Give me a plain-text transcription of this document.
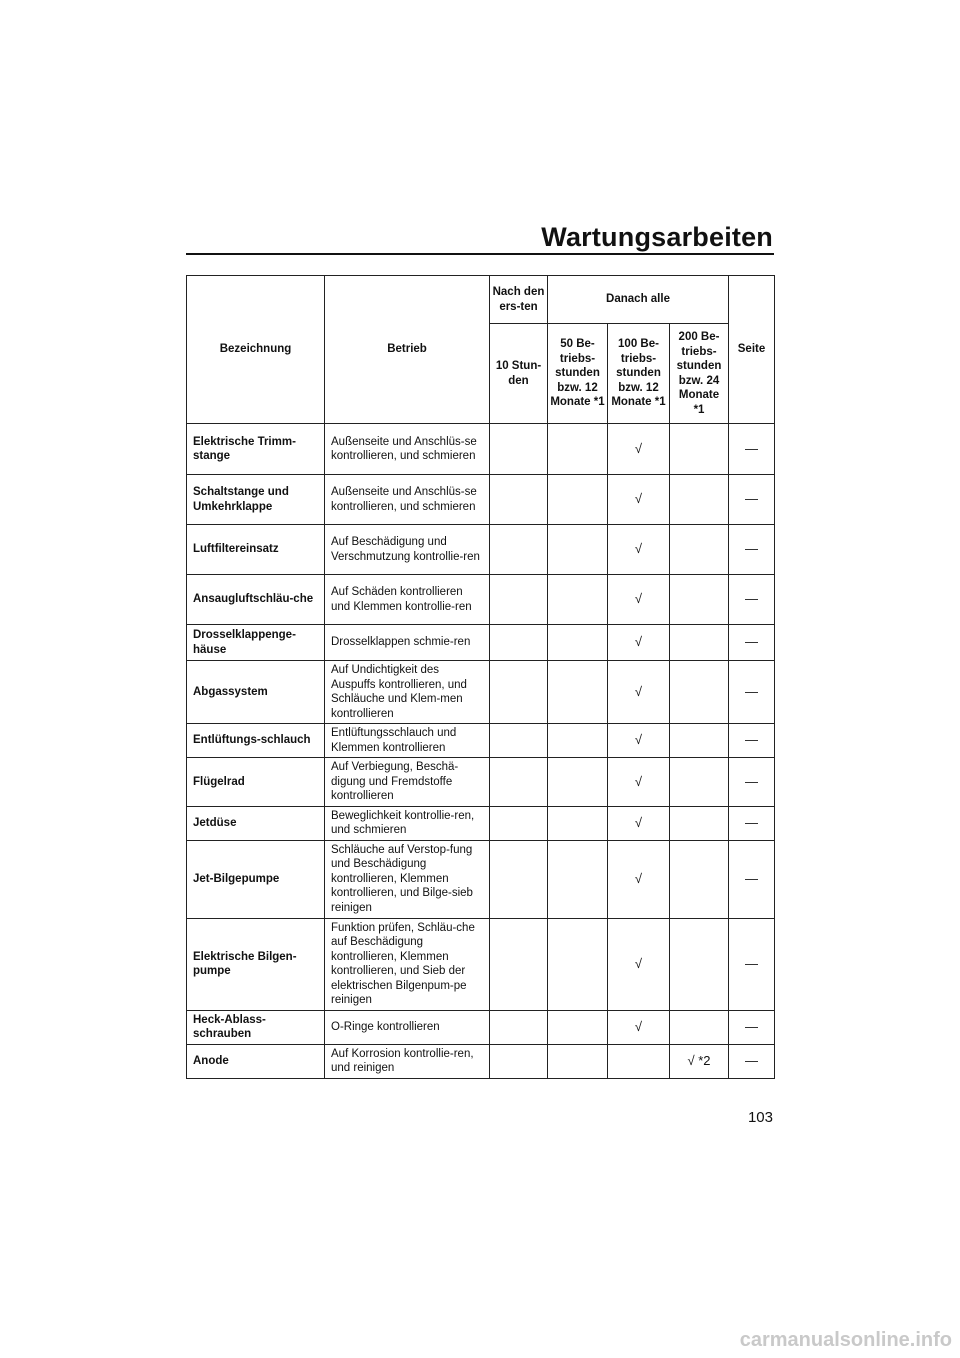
Wartungsarbeiten
Bezeichnung	Betrieb	Nach den ers-ten	Danach alle			Seite
		10 Stun-den	50 Be-triebs-stunden bzw. 12 Monate *1	100 Be-triebs-stunden bzw. 12 Monate *1	200 Be-triebs-stunden bzw. 24 Monate *1	
Elektrische Trimm-stange	Außenseite und Anschlüs-se kontrollieren, und schmieren			√		—
Schaltstange und Umkehrklappe	Außenseite und Anschlüs-se kontrollieren, und schmieren			√		—
Luftfiltereinsatz	Auf Beschädigung und Verschmutzung kontrollie-ren			√		—
Ansaugluftschläu-che	Auf Schäden kontrollieren und Klemmen kontrollie-ren			√		—
Drosselklappenge-häuse	Drosselklappen schmie-ren			√		—
Abgassystem	Auf Undichtigkeit des Auspuffs kontrollieren, und Schläuche und Klem-men kontrollieren			√		—
Entlüftungs-schlauch	Entlüftungsschlauch und Klemmen kontrollieren			√		—
Flügelrad	Auf Verbiegung, Beschä-digung und Fremdstoffe kontrollieren			√		—
Jetdüse	Beweglichkeit kontrollie-ren, und schmieren			√		—
Jet-Bilgepumpe	Schläuche auf Verstop-fung und Beschädigung kontrollieren, Klemmen kontrollieren, und Bilge-sieb reinigen			√		—
Elektrische Bilgen-pumpe	Funktion prüfen, Schläu-che auf Beschädigung kontrollieren, Klemmen kontrollieren, und Sieb der elektrischen Bilgenpum-pe reinigen			√		—
Heck-Ablass-schrauben	O-Ringe kontrollieren			√		—
Anode	Auf Korrosion kontrollie-ren, und reinigen				√ *2	—
103
carmanualsonline.info
